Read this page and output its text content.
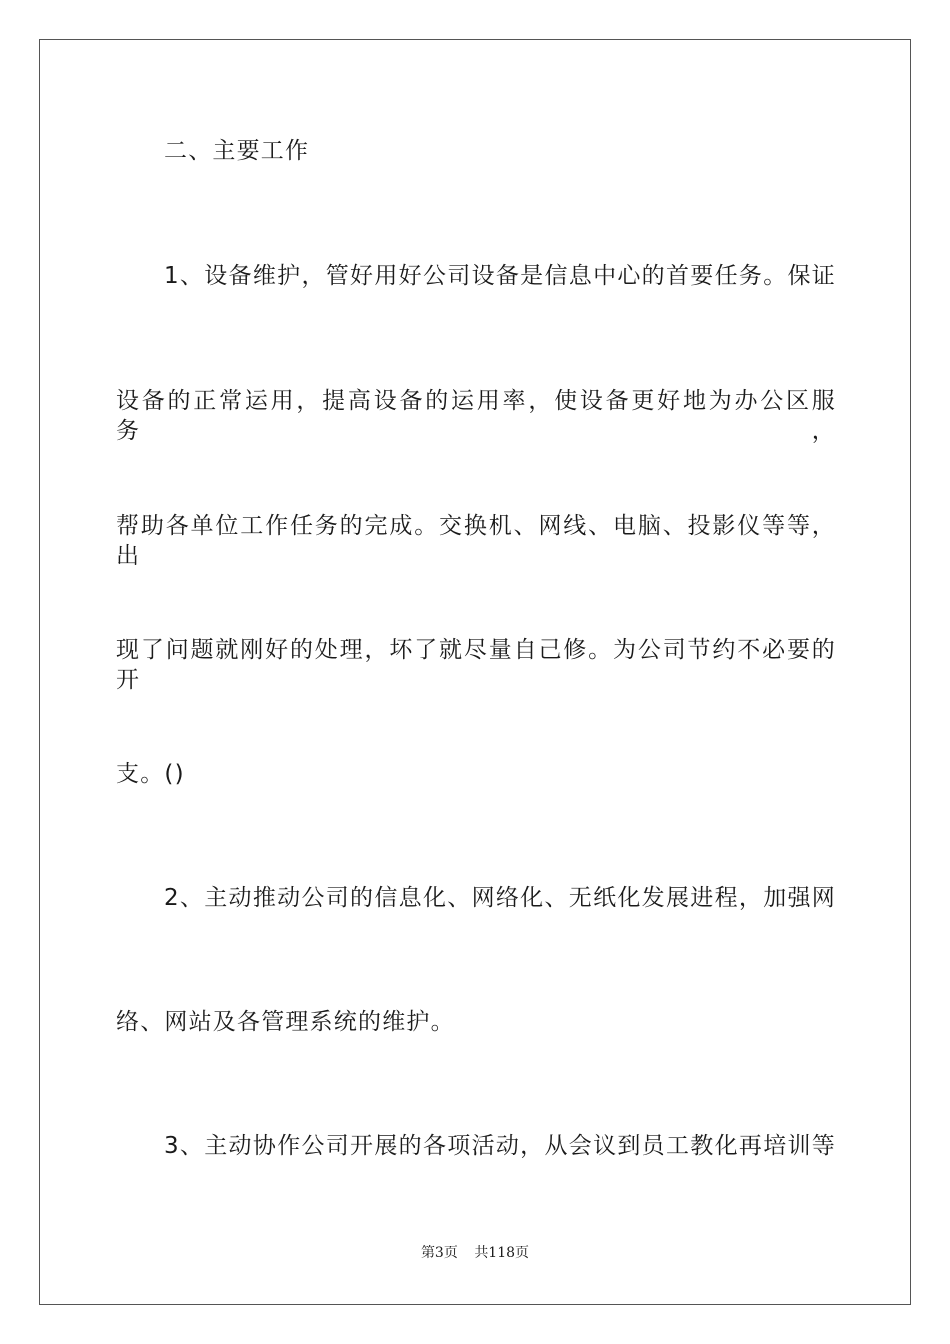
二、主要工作
1、设备维护，管好用好公司设备是信息中心的首要任务。保证
设备的正常运用，提高设备的运用率，使设备更好地为办公区服务，
帮助各单位工作任务的完成。交换机、网线、电脑、投影仪等等，出
现了问题就刚好的处理，坏了就尽量自己修。为公司节约不必要的开
支。()
2、主动推动公司的信息化、网络化、无纸化发展进程，加强网
络、网站及各管理系统的维护。
3、主动协作公司开展的各项活动，从会议到员工教化再培训等
第3页 共118页
